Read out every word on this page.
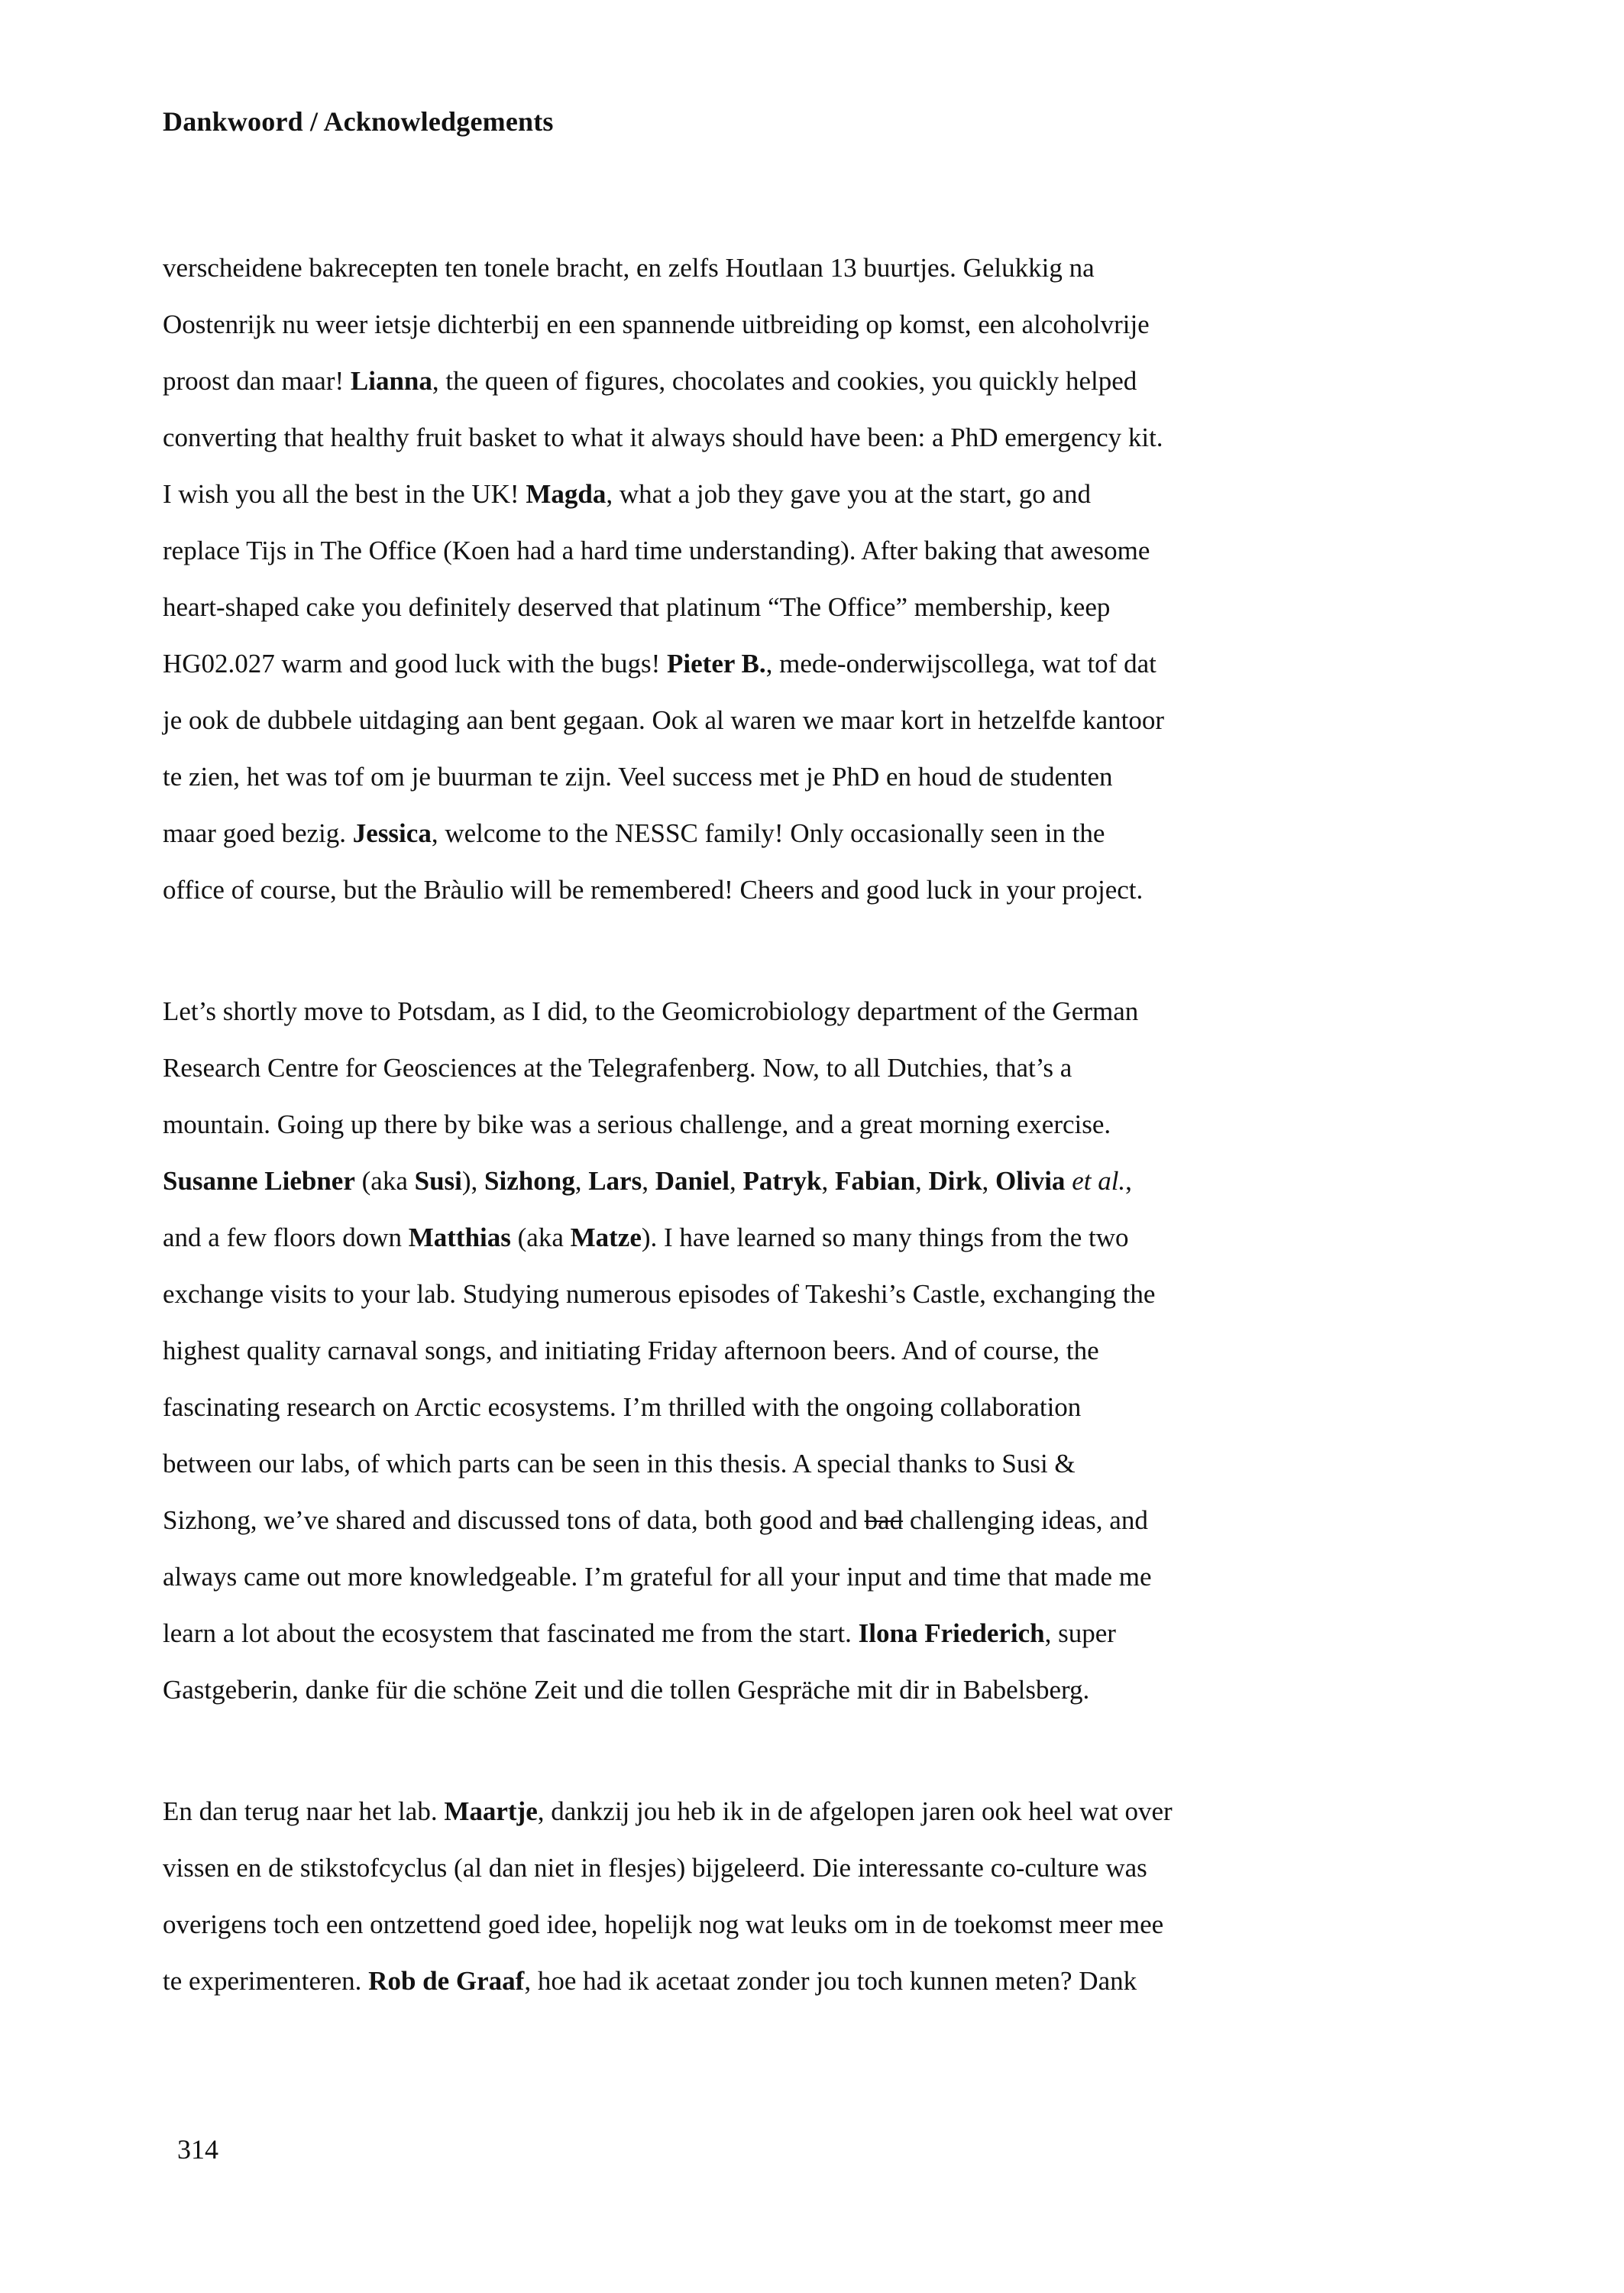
Dankwoord / Acknowledgements
verscheidene bakrecepten ten tonele bracht, en zelfs Houtlaan 13 buurtjes. Gelukkig na
Oostenrijk nu weer ietsje dichterbij en een spannende uitbreiding op komst, een alcoholvrije
proost dan maar! Lianna, the queen of figures, chocolates and cookies, you quickly helped
converting that healthy fruit basket to what it always should have been: a PhD emergency kit.
I wish you all the best in the UK! Magda, what a job they gave you at the start, go and
replace Tijs in The Office (Koen had a hard time understanding). After baking that awesome
heart-shaped cake you definitely deserved that platinum “The Office” membership, keep
HG02.027 warm and good luck with the bugs! Pieter B., mede-onderwijscollega, wat tof dat
je ook de dubbele uitdaging aan bent gegaan. Ook al waren we maar kort in hetzelfde kantoor
te zien, het was tof om je buurman te zijn. Veel success met je PhD en houd de studenten
maar goed bezig. Jessica, welcome to the NESSC family! Only occasionally seen in the
office of course, but the Bràulio will be remembered! Cheers and good luck in your project.
Let’s shortly move to Potsdam, as I did, to the Geomicrobiology department of the German
Research Centre for Geosciences at the Telegrafenberg. Now, to all Dutchies, that’s a
mountain. Going up there by bike was a serious challenge, and a great morning exercise.
Susanne Liebner (aka Susi), Sizhong, Lars, Daniel, Patryk, Fabian, Dirk, Olivia et al.,
and a few floors down Matthias (aka Matze). I have learned so many things from the two
exchange visits to your lab. Studying numerous episodes of Takeshi’s Castle, exchanging the
highest quality carnaval songs, and initiating Friday afternoon beers. And of course, the
fascinating research on Arctic ecosystems. I’m thrilled with the ongoing collaboration
between our labs, of which parts can be seen in this thesis. A special thanks to Susi &
Sizhong, we’ve shared and discussed tons of data, both good and bad challenging ideas, and
always came out more knowledgeable. I’m grateful for all your input and time that made me
learn a lot about the ecosystem that fascinated me from the start. Ilona Friederich, super
Gastgeberin, danke für die schöne Zeit und die tollen Gespräche mit dir in Babelsberg.
En dan terug naar het lab. Maartje, dankzij jou heb ik in de afgelopen jaren ook heel wat over
vissen en de stikstofcyclus (al dan niet in flesjes) bijgeleerd. Die interessante co-culture was
overigens toch een ontzettend goed idee, hopelijk nog wat leuks om in de toekomst meer mee
te experimenteren. Rob de Graaf, hoe had ik acetaat zonder jou toch kunnen meten? Dank
314
